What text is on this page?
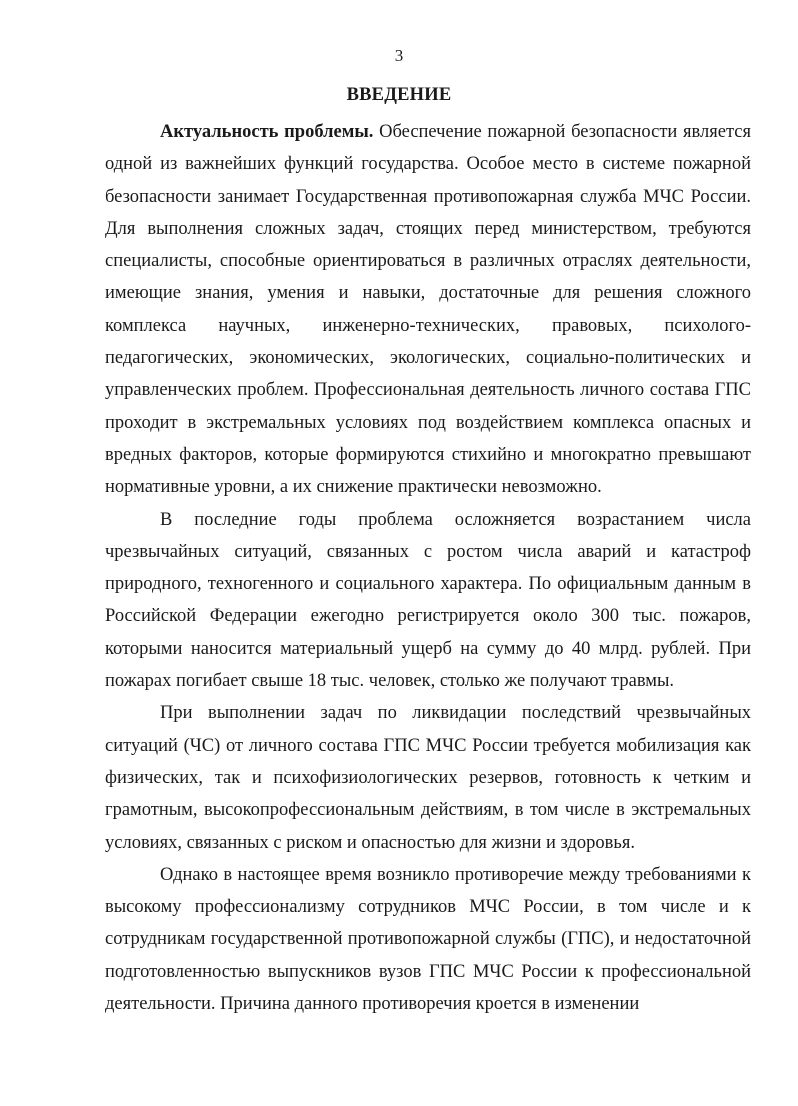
3
ВВЕДЕНИЕ

Актуальность проблемы. Обеспечение пожарной безопасности является одной из важнейших функций государства. Особое место в системе пожарной безопасности занимает Государственная противопожарная служба МЧС России. Для выполнения сложных задач, стоящих перед министерством, требуются специалисты, способные ориентироваться в различных отраслях деятельности, имеющие знания, умения и навыки, достаточные для решения сложного комплекса научных, инженерно-технических, правовых, психолого-педагогических, экономических, экологических, социально-политических и управленческих проблем. Профессиональная деятельность личного состава ГПС проходит в экстремальных условиях под воздействием комплекса опасных и вредных факторов, которые формируются стихийно и многократно превышают нормативные уровни, а их снижение практически невозможно.

В последние годы проблема осложняется возрастанием числа чрезвычайных ситуаций, связанных с ростом числа аварий и катастроф природного, техногенного и социального характера. По официальным данным в Российской Федерации ежегодно регистрируется около 300 тыс. пожаров, которыми наносится материальный ущерб на сумму до 40 млрд. рублей. При пожарах погибает свыше 18 тыс. человек, столько же получают травмы.

При выполнении задач по ликвидации последствий чрезвычайных ситуаций (ЧС) от личного состава ГПС МЧС России требуется мобилизация как физических, так и психофизиологических резервов, готовность к четким и грамотным, высокопрофессиональным действиям, в том числе в экстремальных условиях, связанных с риском и опасностью для жизни и здоровья.

Однако в настоящее время возникло противоречие между требованиями к высокому профессионализму сотрудников МЧС России, в том числе и к сотрудникам государственной противопожарной службы (ГПС), и недостаточной подготовленностью выпускников вузов ГПС МЧС России к профессиональной деятельности. Причина данного противоречия кроется в изменении
